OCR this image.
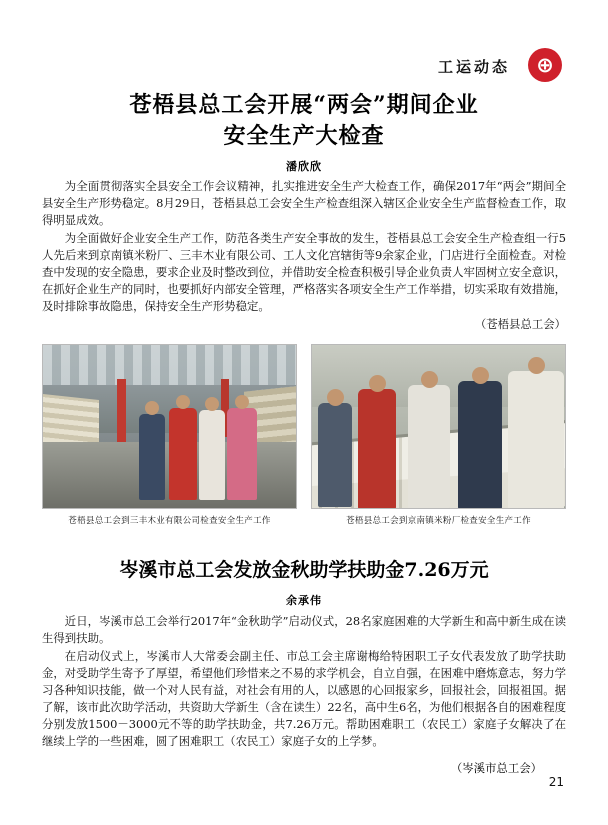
工运动态	⊕
苍梧县总工会开展“两会”期间企业
安全生产大检查
潘欣欣

为全面贯彻落实全县安全工作会议精神，扎实推进安全生产大检查工作，确保2017年“两会”期间全县安全生产形势稳定。8月29日，苍梧县总工会安全生产检查组深入辖区企业安全生产监督检查工作，取得明显成效。

为全面做好企业安全生产工作，防范各类生产安全事故的发生，苍梧县总工会安全生产检查组一行5人先后来到京南镇米粉厂、三丰木业有限公司、工人文化宫辖街等9余家企业，门店进行全面检查。对检查中发现的安全隐患，要求企业及时整改到位，并借助安全检查积极引导企业负责人牢固树立安全意识，在抓好企业生产的同时，也要抓好内部安全管理，严格落实各项安全生产工作举措，切实采取有效措施，及时排除事故隐患，保持安全生产形势稳定。

（苍梧县总工会）

苍梧县总工会到三丰木业有限公司检查安全生产工作	苍梧县总工会到京南镇米粉厂检查安全生产工作
岑溪市总工会发放金秋助学扶助金7.26万元
余承伟

近日，岑溪市总工会举行2017年“金秋助学”启动仪式，28名家庭困难的大学新生和高中新生成在读生得到扶助。

在启动仪式上，岑溪市人大常委会副主任、市总工会主席谢梅给特困职工子女代表发放了助学扶助金，对受助学生寄予了厚望，希望他们珍惜来之不易的求学机会，自立自强，在困难中磨炼意志，努力学习各种知识技能，做一个对人民有益，对社会有用的人，以感恩的心回报家乡，回报社会，回报祖国。据了解，该市此次助学活动，共资助大学新生（含在读生）22名，高中生6名，为他们根据各自的困难程度分别发放1500－3000元不等的助学扶助金，共7.26万元。帮助困难职工（农民工）家庭子女解决了在继续上学的一些困难，圆了困难职工（农民工）家庭子女的上学梦。

（岑溪市总工会）

21
